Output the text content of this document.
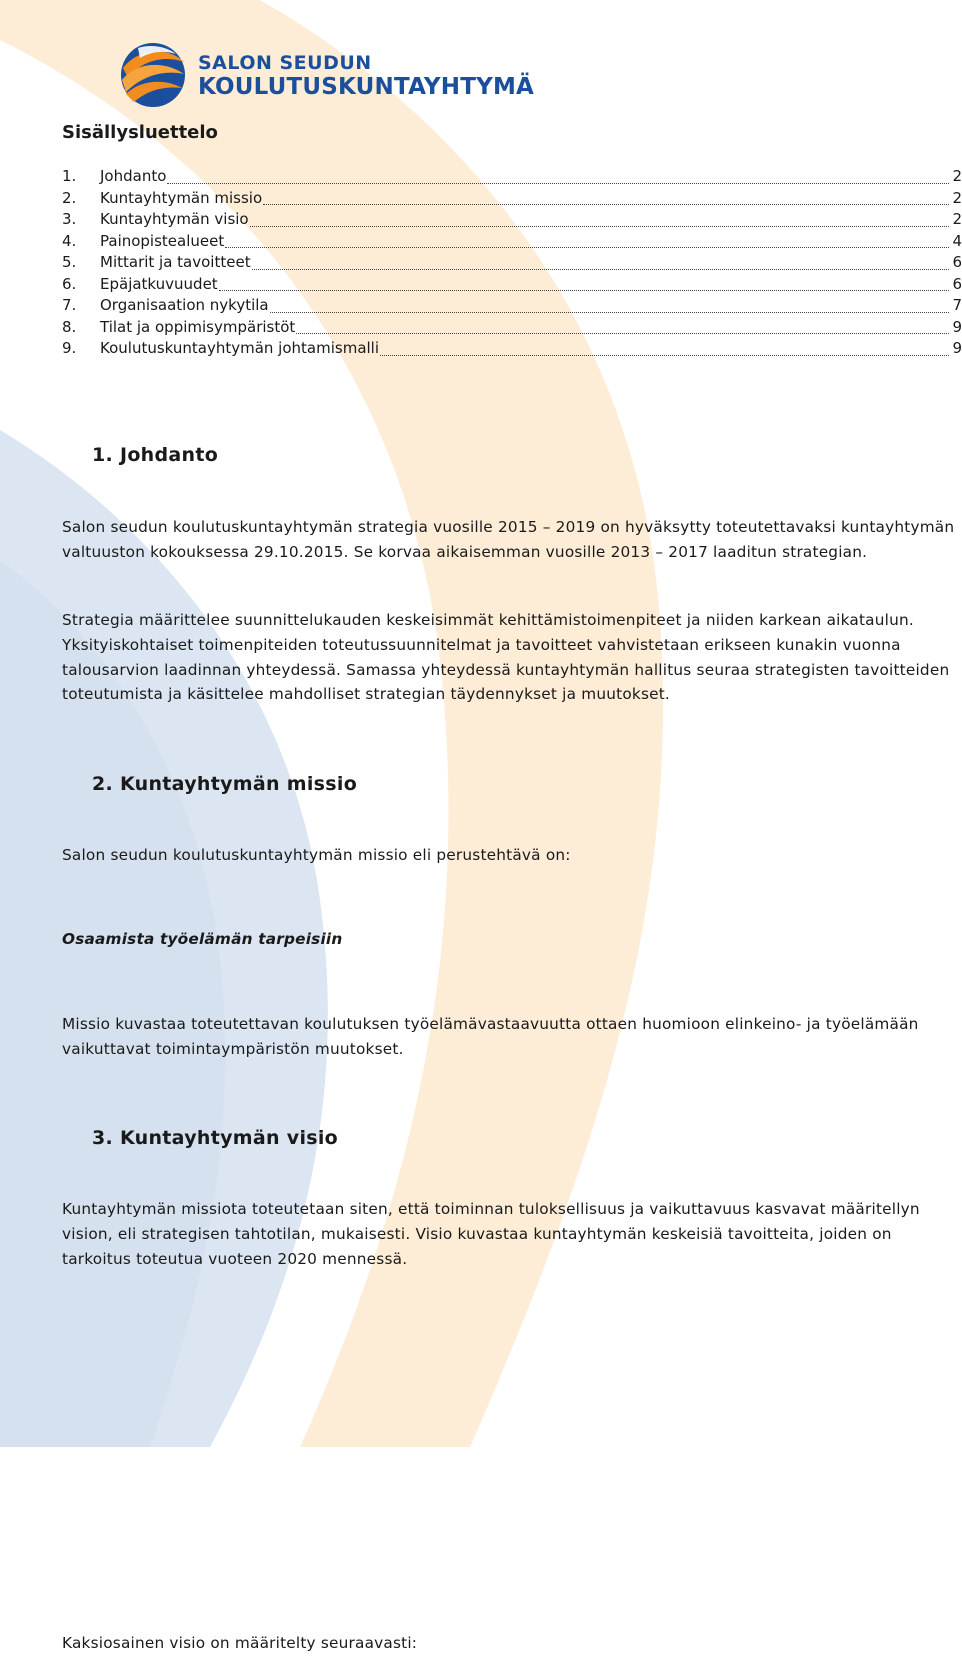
SALON SEUDUN
KOULUTUSKUNTAYHTYMÄ
Sisällysluettelo
1.	Johdanto	2
2.	Kuntayhtymän missio	2
3.	Kuntayhtymän visio	2
4.	Painopistealueet	4
5.	Mittarit ja tavoitteet	6
6.	Epäjatkuvuudet	6
7.	Organisaation nykytila	7
8.	Tilat ja oppimisympäristöt	9
9.	Koulutuskuntayhtymän johtamismalli	9
1. Johdanto

Salon seudun koulutuskuntayhtymän strategia vuosille 2015 – 2019 on hyväksytty toteutettavaksi kuntayhtymän valtuuston kokouksessa 29.10.2015. Se korvaa aikaisemman vuosille 2013 – 2017 laaditun strategian.

Strategia määrittelee suunnittelukauden keskeisimmät kehittämistoimenpiteet ja niiden karkean aikataulun. Yksityiskohtaiset toimenpiteiden toteutussuunnitelmat ja tavoitteet vahvistetaan erikseen kunakin vuonna talousarvion laadinnan yhteydessä. Samassa yhteydessä kuntayhtymän hallitus seuraa strategisten tavoitteiden toteutumista ja käsittelee mahdolliset strategian täydennykset ja muutokset.

2. Kuntayhtymän missio

Salon seudun koulutuskuntayhtymän missio eli perustehtävä on:

Osaamista työelämän tarpeisiin

Missio kuvastaa toteutettavan koulutuksen työelämävastaavuutta ottaen huomioon elinkeino- ja työelämään vaikuttavat toimintaympäristön muutokset.

3. Kuntayhtymän visio

Kuntayhtymän missiota toteutetaan siten, että toiminnan tuloksellisuus ja vaikuttavuus kasvavat määritellyn vision, eli strategisen tahtotilan, mukaisesti. Visio kuvastaa kuntayhtymän keskeisiä tavoitteita, joiden on tarkoitus toteutua vuoteen 2020 mennessä.

Kaksiosainen visio on määritelty seuraavasti:
